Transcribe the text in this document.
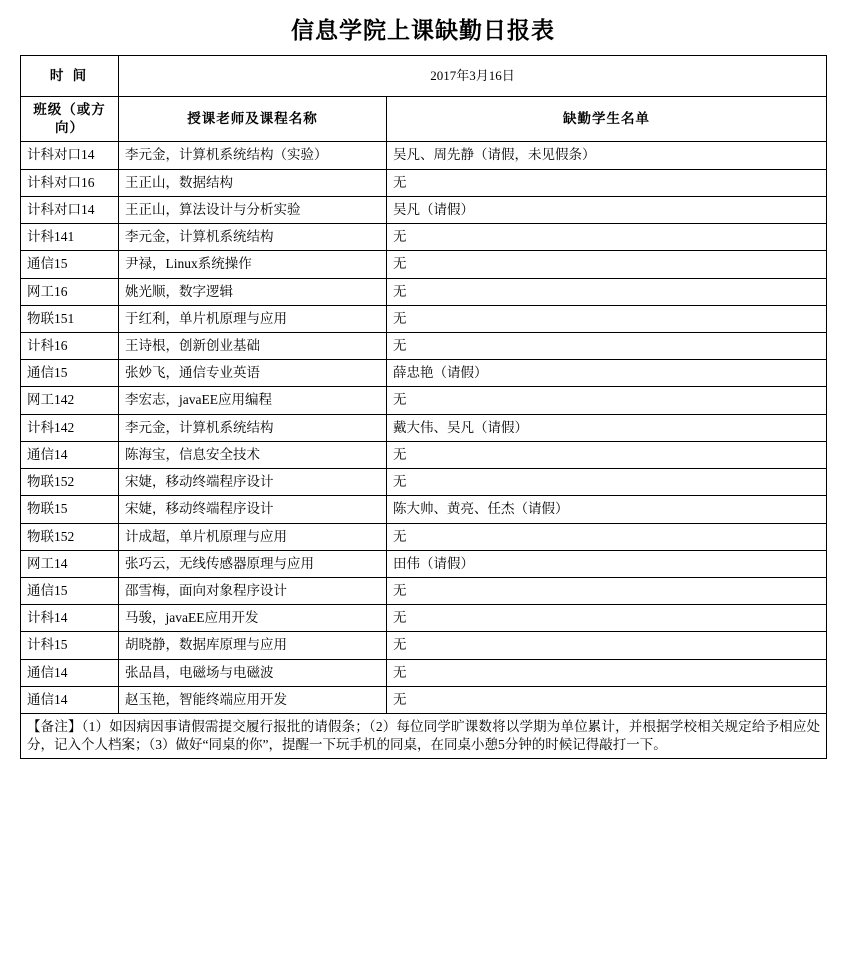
信息学院上课缺勤日报表
时 间	2017年3月16日	
班级（或方向）	授课老师及课程名称	缺勤学生名单
计科对口14	李元金，计算机系统结构（实验）	吴凡、周先静（请假，未见假条）
计科对口16	王正山，数据结构	无
计科对口14	王正山，算法设计与分析实验	吴凡（请假）
计科141	李元金，计算机系统结构	无
通信15	尹禄，Linux系统操作	无
网工16	姚光顺，数字逻辑	无
物联151	于红利，单片机原理与应用	无
计科16	王诗根，创新创业基础	无
通信15	张妙飞，通信专业英语	薛忠艳（请假）
网工142	李宏志，javaEE应用编程	无
计科142	李元金，计算机系统结构	戴大伟、吴凡（请假）
通信14	陈海宝，信息安全技术	无
物联152	宋婕，移动终端程序设计	无
物联15	宋婕，移动终端程序设计	陈大帅、黄亮、任杰（请假）
物联152	计成超，单片机原理与应用	无
网工14	张巧云，无线传感器原理与应用	田伟（请假）
通信15	邵雪梅，面向对象程序设计	无
计科14	马骏，javaEE应用开发	无
计科15	胡晓静，数据库原理与应用	无
通信14	张品昌，电磁场与电磁波	无
通信14	赵玉艳，智能终端应用开发	无
【备注】（1）如因病因事请假需提交履行报批的请假条；（2）每位同学旷课数将以学期为单位累计，并根据学校相关规定给予相应处分，记入个人档案；（3）做好“同桌的你”，提醒一下玩手机的同桌，在同桌小憩5分钟的时候记得敲打一下。		
